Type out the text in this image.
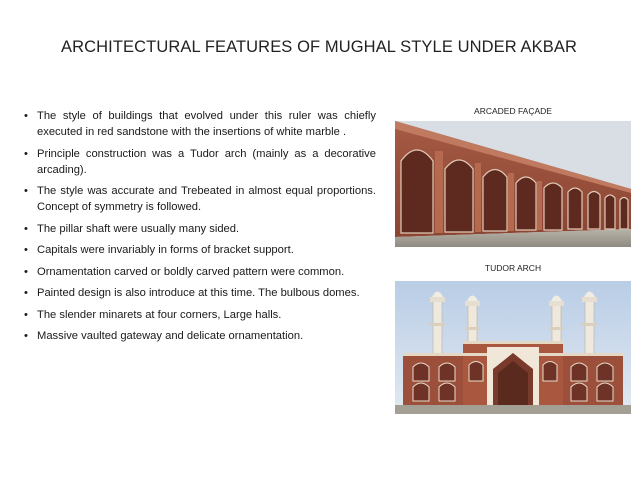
ARCHITECTURAL FEATURES OF MUGHAL STYLE UNDER AKBAR
• The style of buildings that evolved under this ruler was chiefly executed in red sandstone with the insertions of white marble .
• Principle construction was a Tudor arch (mainly as a decorative arcading).
• The style was accurate and Trebeated in almost equal proportions. Concept of symmetry is followed.
• The pillar shaft were usually many sided.
• Capitals were invariably in forms of bracket support.
• Ornamentation carved or boldly carved pattern were common.
• Painted design is also introduce at this time. The bulbous domes.
• The slender minarets at four corners, Large halls.
• Massive vaulted gateway and delicate ornamentation.
ARCADED FAÇADE
TUDOR ARCH
